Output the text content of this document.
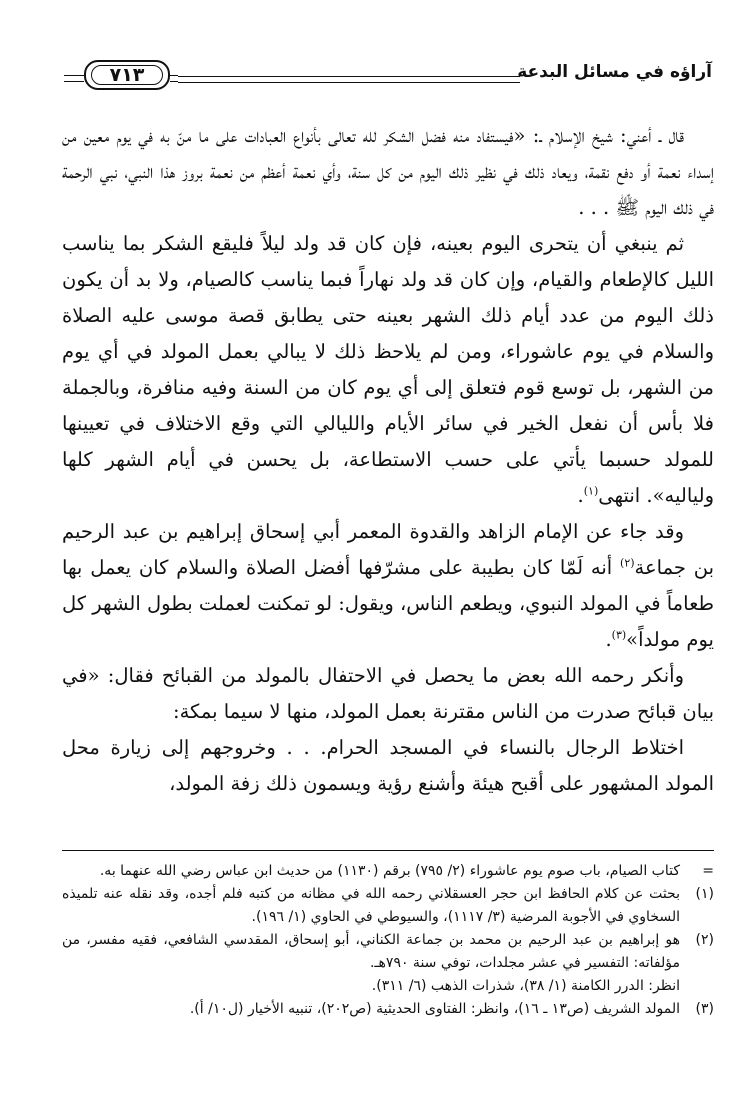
آراؤه في مسائل البدعة
٧١٣

قال ـ أعني: شيخ الإسلام ـ: «فيستفاد منه فضل الشكر لله تعالى بأنواع العبادات على ما منّ به في يوم معين من إسداء نعمة أو دفع نقمة، ويعاد ذلك في نظير ذلك اليوم من كل سنة، وأي نعمة أعظم من نعمة بروز هذا النبي، نبي الرحمة في ذلك اليوم ﷺ . . .

ثم ينبغي أن يتحرى اليوم بعينه، فإن كان قد ولد ليلاً فليقع الشكر بما يناسب الليل كالإطعام والقيام، وإن كان قد ولد نهاراً فبما يناسب كالصيام، ولا بد أن يكون ذلك اليوم من عدد أيام ذلك الشهر بعينه حتى يطابق قصة موسى عليه الصلاة والسلام في يوم عاشوراء، ومن لم يلاحظ ذلك لا يبالي بعمل المولد في أي يوم من الشهر، بل توسع قوم فتعلق إلى أي يوم كان من السنة وفيه منافرة، وبالجملة فلا بأس أن نفعل الخير في سائر الأيام والليالي التي وقع الاختلاف في تعيينها للمولد حسبما يأتي على حسب الاستطاعة، بل يحسن في أيام الشهر كلها ولياليه». انتهى$^{(١)}$.

وقد جاء عن الإمام الزاهد والقدوة المعمر أبي إسحاق إبراهيم بن عبد الرحيم بن جماعة$^{(٢)}$ أنه لَمّا كان بطيبة على مشرّفها أفضل الصلاة والسلام كان يعمل بها طعاماً في المولد النبوي، ويطعم الناس، ويقول: لو تمكنت لعملت بطول الشهر كل يوم مولداً»$^{(٣)}$.

وأنكر رحمه الله بعض ما يحصل في الاحتفال بالمولد من القبائح فقال: «في بيان قبائح صدرت من الناس مقترنة بعمل المولد، منها لا سيما بمكة:

اختلاط الرجال بالنساء في المسجد الحرام. . . وخروجهم إلى زيارة محل المولد المشهور على أقبح هيئة وأشنع رؤية ويسمون ذلك زفة المولد،

=
كتاب الصيام، باب صوم يوم عاشوراء (٢/ ٧٩٥) برقم (١١٣٠) من حديث ابن عباس رضي الله عنهما به.

(١)
بحثت عن كلام الحافظ ابن حجر العسقلاني رحمه الله في مظانه من كتبه فلم أجده، وقد نقله عنه تلميذه السخاوي في الأجوبة المرضية (٣/ ١١١٧)، والسيوطي في الحاوي (١/ ١٩٦).

(٢)
هو إبراهيم بن عبد الرحيم بن محمد بن جماعة الكناني، أبو إسحاق، المقدسي الشافعي، فقيه مفسر، من مؤلفاته: التفسير في عشر مجلدات، توفي سنة ٧٩٠هـ.

انظر: الدرر الكامنة (١/ ٣٨)، شذرات الذهب (٦/ ٣١١).

(٣)
المولد الشريف (ص١٣ ـ ١٦)، وانظر: الفتاوى الحديثية (ص٢٠٢)، تنبيه الأخيار (ل١٠/ أ).
